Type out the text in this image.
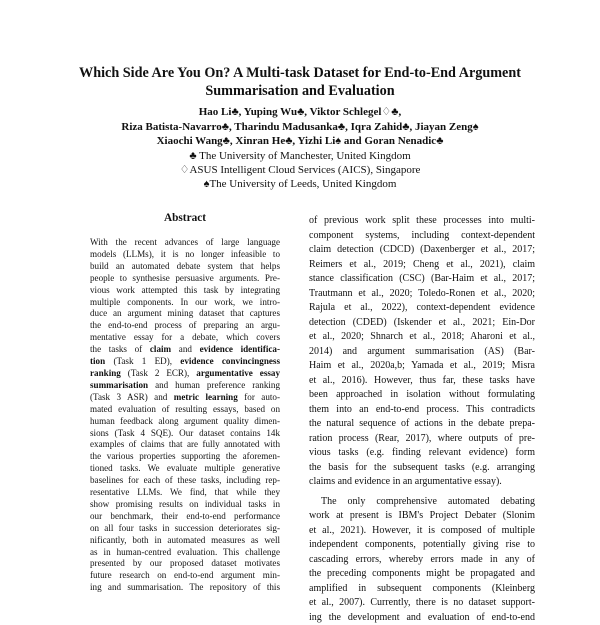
Which Side Are You On? A Multi-task Dataset for End-to-End Argument
Summarisation and Evaluation
Hao Li♣, Yuping Wu♣, Viktor Schlegel♢♣,
Riza Batista-Navarro♣, Tharindu Madusanka♣, Iqra Zahid♣, Jiayan Zeng♠
Xiaochi Wang♣, Xinran He♣, Yizhi Li♠ and Goran Nenadic♣
♣ The University of Manchester, United Kingdom
♢ASUS Intelligent Cloud Services (AICS), Singapore
♠The University of Leeds, United Kingdom
Abstract
With the recent advances of large language
models (LLMs), it is no longer infeasible to
build an automated debate system that helps
people to synthesise persuasive arguments. Pre-
vious work attempted this task by integrating
multiple components. In our work, we intro-
duce an argument mining dataset that captures
the end-to-end process of preparing an argu-
mentative essay for a debate, which covers
the tasks of claim and evidence identifica-
tion (Task 1 ED), evidence convincingness
ranking (Task 2 ECR), argumentative essay
summarisation and human preference ranking
(Task 3 ASR) and metric learning for auto-
mated evaluation of resulting essays, based on
human feedback along argument quality dimen-
sions (Task 4 SQE). Our dataset contains 14k
examples of claims that are fully annotated with
the various properties supporting the aforemen-
tioned tasks. We evaluate multiple generative
baselines for each of these tasks, including rep-
resentative LLMs. We find, that while they
show promising results on individual tasks in
our benchmark, their end-to-end performance
on all four tasks in succession deteriorates sig-
nificantly, both in automated measures as well
as in human-centred evaluation. This challenge
presented by our proposed dataset motivates
future research on end-to-end argument min-
ing and summarisation. The repository of this
of previous work split these processes into multi-
component systems, including context-dependent
claim detection (CDCD) (Daxenberger et al., 2017;
Reimers et al., 2019; Cheng et al., 2021), claim
stance classification (CSC) (Bar-Haim et al., 2017;
Trautmann et al., 2020; Toledo-Ronen et al., 2020;
Rajula et al., 2022), context-dependent evidence
detection (CDED) (Iskender et al., 2021; Ein-Dor
et al., 2020; Shnarch et al., 2018; Aharoni et al.,
2014) and argument summarisation (AS) (Bar-
Haim et al., 2020a,b; Yamada et al., 2019; Misra
et al., 2016). However, thus far, these tasks have
been approached in isolation without formulating
them into an end-to-end process. This contradicts
the natural sequence of actions in the debate prepa-
ration process (Rear, 2017), where outputs of pre-
vious tasks (e.g. finding relevant evidence) form
the basis for the subsequent tasks (e.g. arranging
claims and evidence in an argumentative essay).
The only comprehensive automated debating
work at present is IBM's Project Debater (Slonim
et al., 2021). However, it is composed of multiple
independent components, potentially giving rise to
cascading errors, whereby errors made in any of
the preceding components might be propagated and
amplified in subsequent components (Kleinberg
et al., 2007). Currently, there is no dataset support-
ing the development and evaluation of end-to-end
